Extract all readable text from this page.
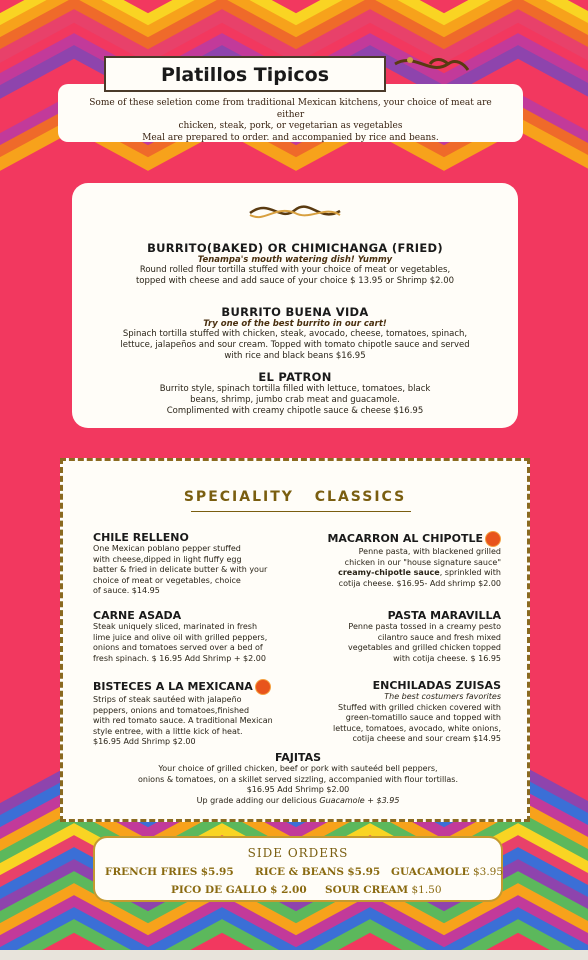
Some of these seletion come from traditional Mexican kitchens, your choice of meat are either
chicken, steak, pork, or vegetarian as vegetables
Meal are prepared to order. and accompanied by rice and beans.
Platillos Tipicos
BURRITO(BAKED) OR CHIMICHANGA (FRIED)
Tenampa's mouth watering dish! Yummy
Round rolled flour tortilla stuffed with your choice of meat or vegetables,
topped with cheese and add sauce of your choice $ 13.95 or Shrimp $2.00
BURRITO BUENA VIDA
Try one of the best burrito in our cart!
Spinach tortilla stuffed with chicken, steak, avocado, cheese, tomatoes, spinach,
lettuce, jalapeños and sour cream. Topped with tomato chipotle sauce and served
with rice and black beans $16.95
EL PATRON
Burrito style, spinach tortilla filled with lettuce, tomatoes, black
beans, shrimp, jumbo crab meat and guacamole.
Complimented with creamy chipotle sauce & cheese $16.95
SPECIALITY CLASSICS
CHILE RELLENO
One Mexican poblano pepper stuffed
with cheese,dipped in light fluffy egg
batter & fried in delicate butter & with your
choice of meat or vegetables, choice
of sauce. $14.95
CARNE ASADA
Steak uniquely sliced, marinated in fresh
lime juice and olive oil with grilled peppers,
onions and tomatoes served over a bed of
fresh spinach. $ 16.95 Add Shrimp + $2.00
BISTECES A LA MEXICANA
Strips of steak sautéed with jalapeño
peppers, onions and tomatoes,finished
with red tomato sauce. A traditional Mexican
style entree, with a little kick of heat.
$16.95 Add Shrimp $2.00
MACARRON AL CHIPOTLE
Penne pasta, with blackened grilled
chicken in our "house signature sauce"
creamy-chipotle sauce, sprinkled with
cotija cheese. $16.95- Add shrimp $2.00
PASTA MARAVILLA
Penne pasta tossed in a creamy pesto
cilantro sauce and fresh mixed
vegetables and grilled chicken topped
with cotija cheese. $ 16.95
ENCHILADAS ZUISAS
The best costumers favorites
Stuffed with grilled chicken covered with
green-tomatillo sauce and topped with
lettuce, tomatoes, avocado, white onions,
cotija cheese and sour cream $14.95
FAJITAS
Your choice of grilled chicken, beef or pork with sauteéd bell peppers,
onions & tomatoes, on a skillet served sizzling, accompanied with flour tortillas.
$16.95 Add Shrimp $2.00
Up grade adding our delicious Guacamole + $3.95
SIDE ORDERS
FRENCH FRIES $5.95 RICE & BEANS $5.95 GUACAMOLE $3.95
PICO DE GALLO $ 2.00 SOUR CREAM $1.50
